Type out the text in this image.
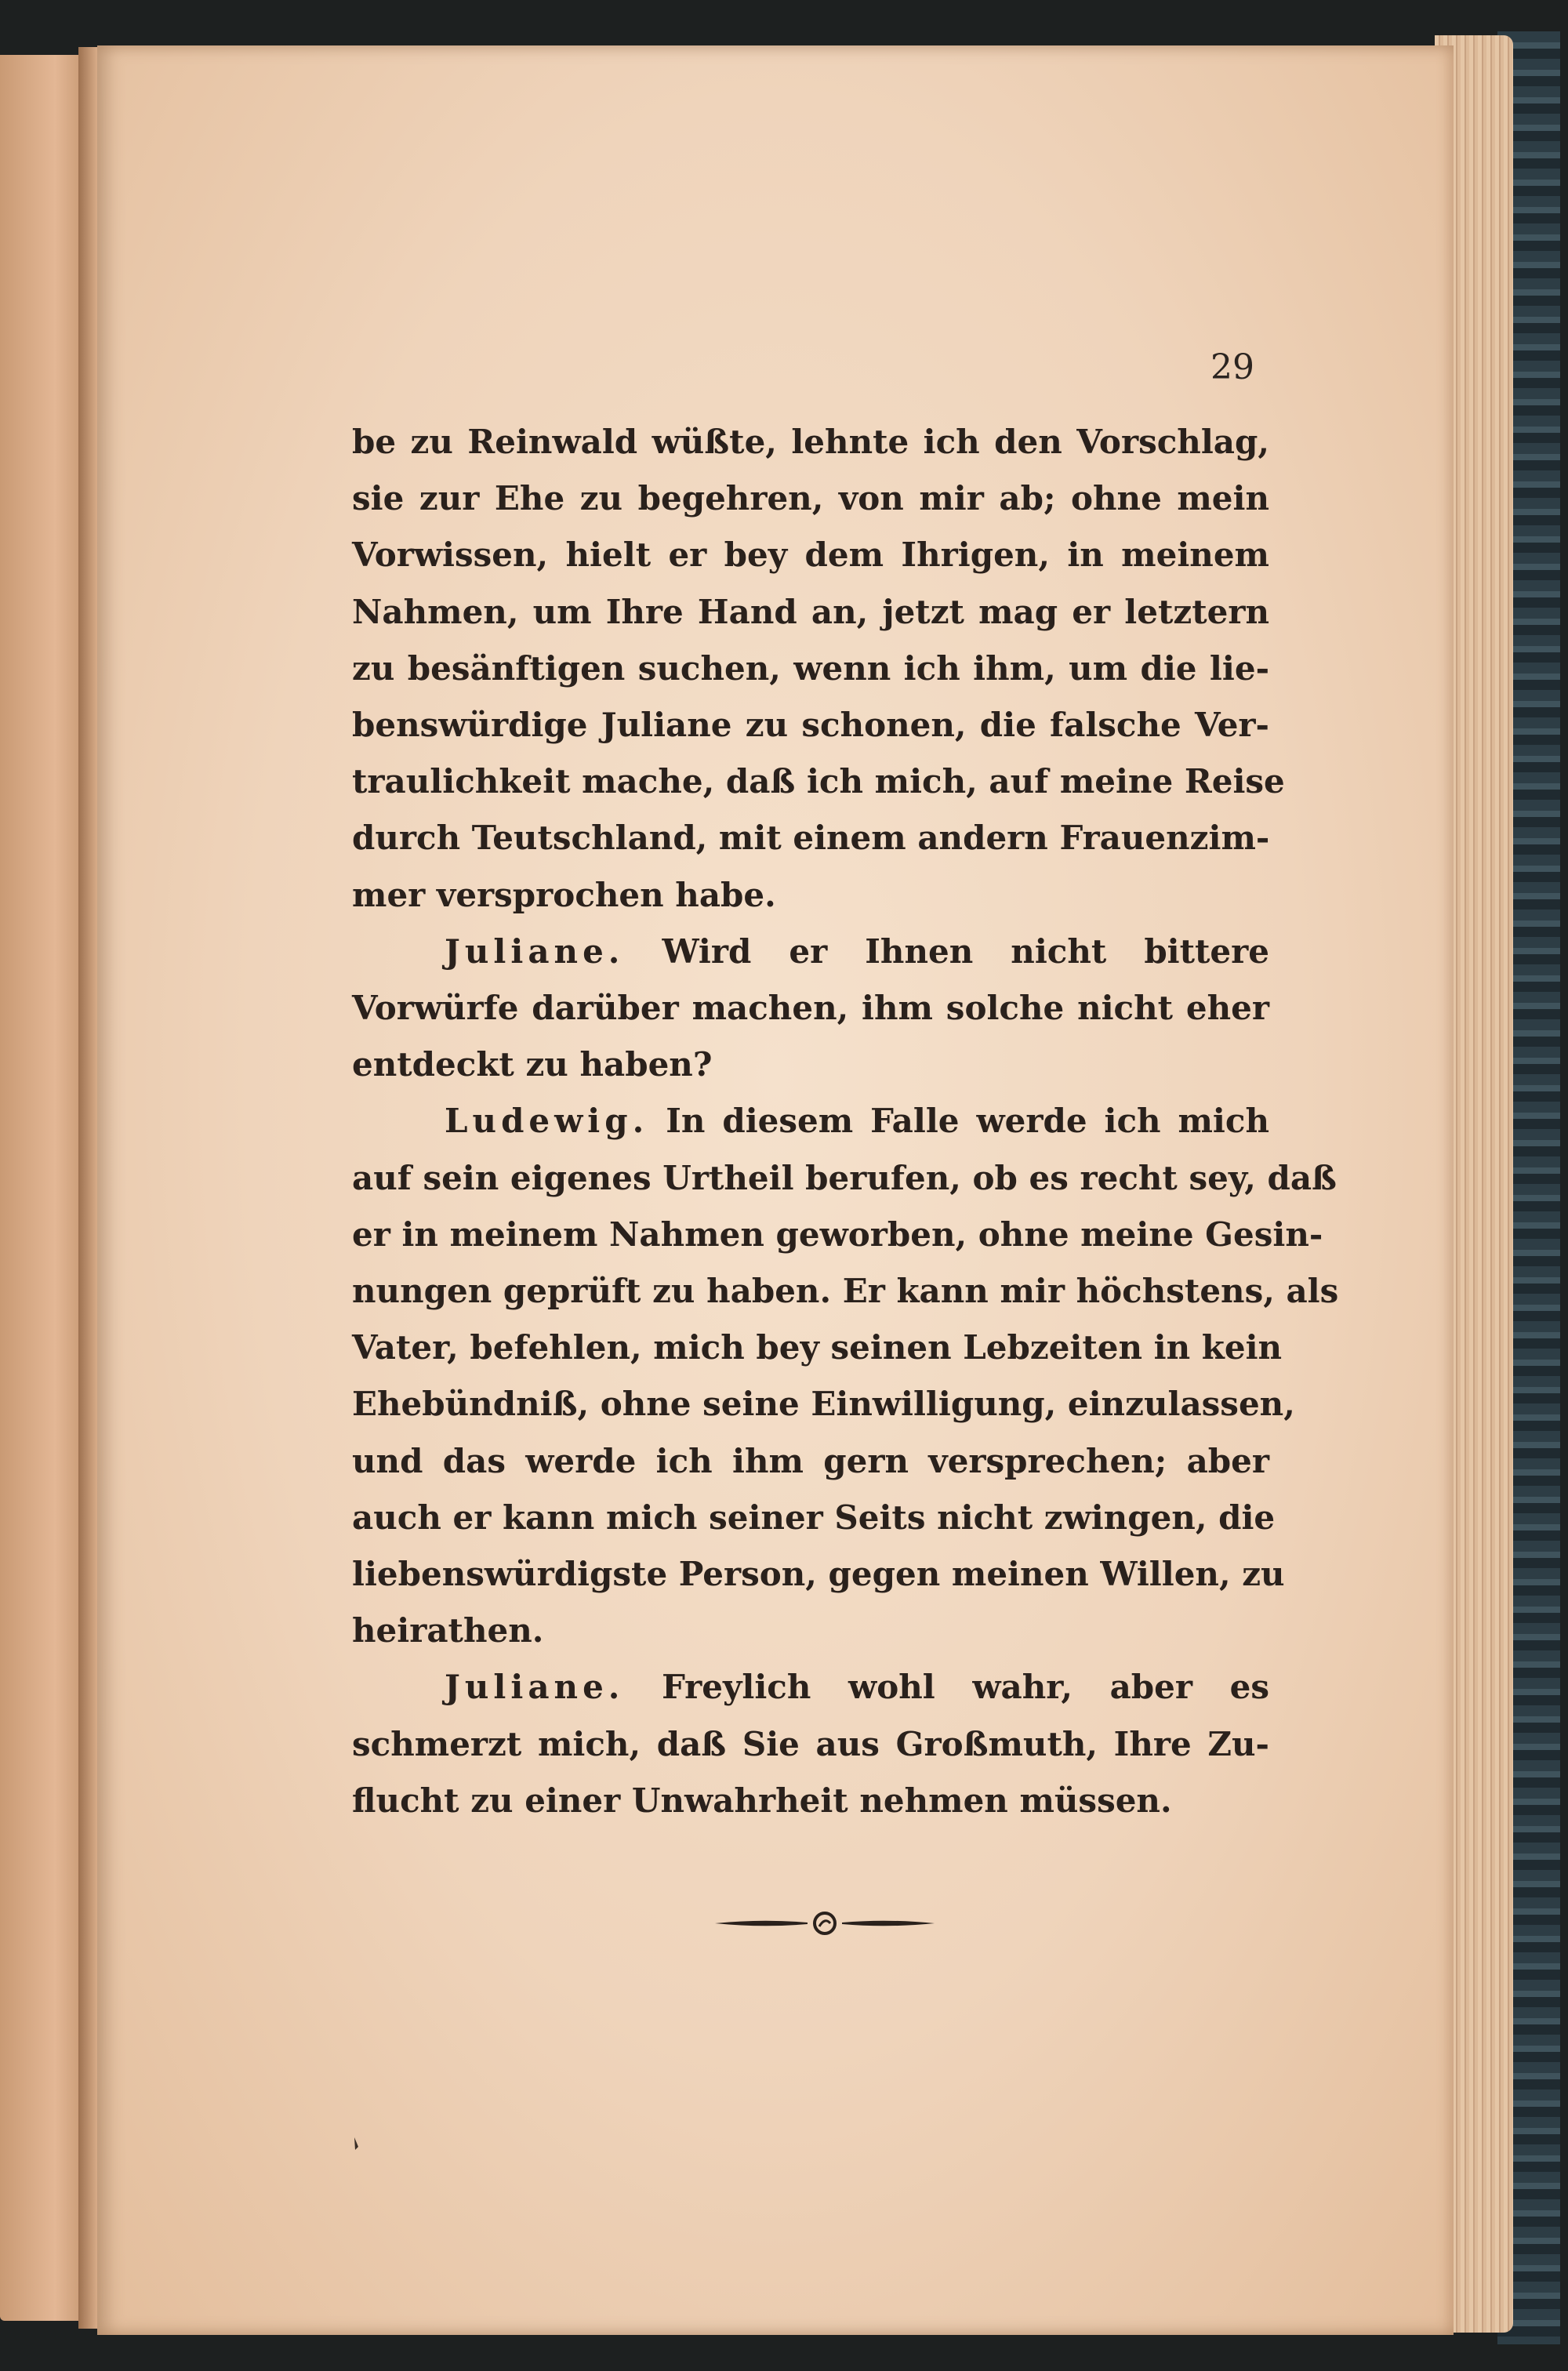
29

be zu Reinwald wüßte, lehnte ich den Vorschlag,
sie zur Ehe zu begehren, von mir ab; ohne mein
Vorwissen, hielt er bey dem Ihrigen, in meinem
Nahmen, um Ihre Hand an, jetzt mag er letztern
zu besänftigen suchen, wenn ich ihm, um die lie-
benswürdige Juliane zu schonen, die falsche Ver-
traulichkeit mache, daß ich mich, auf meine Reise
durch Teutschland, mit einem andern Frauenzim-
mer versprochen habe.
Juliane. Wird er Ihnen nicht bittere
Vorwürfe darüber machen, ihm solche nicht eher
entdeckt zu haben?
Ludewig. In diesem Falle werde ich mich
auf sein eigenes Urtheil berufen, ob es recht sey, daß
er in meinem Nahmen geworben, ohne meine Gesin-
nungen geprüft zu haben. Er kann mir höchstens, als
Vater, befehlen, mich bey seinen Lebzeiten in kein
Ehebündniß, ohne seine Einwilligung, einzulassen,
und das werde ich ihm gern versprechen; aber
auch er kann mich seiner Seits nicht zwingen, die
liebenswürdigste Person, gegen meinen Willen, zu
heirathen.
Juliane. Freylich wohl wahr, aber es
schmerzt mich, daß Sie aus Großmuth, Ihre Zu-
flucht zu einer Unwahrheit nehmen müssen.
